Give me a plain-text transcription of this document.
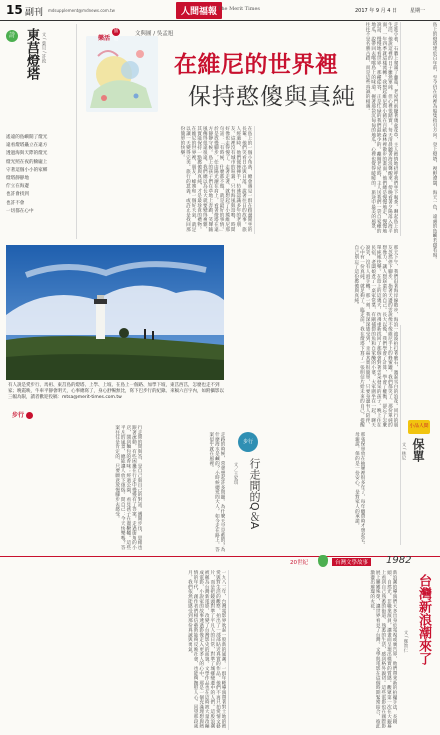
15 副刊 mdsupplement@mdnews.com.tw	人間福報 The Merit Times	2017 年 9 月 4 日	星期一
詩 東莒燈塔 文 / 葉貝 / 許政
遙遠的島嶼開了燈光
遠看燈塔矗立在遠方
透過海與天際的燈光
燈光照在夜的臉龐上
守著這個小小的家鄉
燈塔靜靜地
佇立在海邊
也許會找到
也許不會
一切都在心中
樂活 旅遊
文與圖 / 吳孟旭
在維尼的世界裡
保持憨傻與真純
在島上的一個小角落，總會遇見一群在路邊閒坐的長輩，他們笑看日出與日落，說著往日的故事。旅人經過時，他們便揮揮手，彷彿認識多年的老朋友。這裡沒有城市的喧囂，只有海風與鳥鳴，時間好像也走得慢了。走著走著，就想起了小熊維尼那句話：「有時候，什麼都不做，就是最好的事情。」於是放慢腳步，任由陽光灑在肩上，看著燈塔在遠方靜靜守候。島上的孩子們在草地上奔跑，笑聲隨風傳得很遠很遠。我們總以為長大就要變得複雜，其實能保持一點憨傻與真純，才是最珍貴的禮物。在維尼的世界裡，朋友、蜂蜜和一個好天氣，就足以讓一天變得完美。旅行的意義，或許正是找回那份簡單的快樂。	走進小巷，石牆上爬滿了藤蔓，老屋門前擺著幾盆花草，主人熱情地招呼我們坐下喝茶。聊起島上的生活，他說這裡的日子雖然單純，但心裡很踏實。每天清晨聽著海浪聲醒來，傍晚看著夕陽落入海平面，一年四季就這樣流轉。我想起維尼與小豬在百畝森林裡散步的畫面，他們總是慢慢地走，慢慢地說話，慢慢地看世界。那種從容，正是忙碌的我們最缺少的。離開老屋時，主人送我們一袋自家種的地瓜，說帶回去嚐嚐島上的味道。握著那袋沉甸甸的地瓜，心裡也覺得暖暖的。旅途中最美的風景，往往不是名勝古蹟，而是這些真誠的相遇。	島上的燈塔建於百年前，至今仍在夜裡為船隻指引方向。登上燈塔，視野遼闊，海天一色，遠處的島嶼若隱若現。
有人說是愛步行、馬祖、東莒島的燈塔、上學、上坡、在島上一個路、加學下坡，東莒西莒，怎麼也走不到家；晚霞映，牛車平靜會明天，心事總寫了，身心舒暢無比，寫下巴步行的紀錄。來稿六百字內，如附攝影以三幅為限，讀者歡迎投稿：mtsa@merit-times.com.tw
步行	那天下午，我們沿著海岸線散步，海浪一波波拍打著礁石，激起雪白的浪花。同行的朋友忽然停下腳步，指著天邊的雲說像不像維尼手上的蜂蜜罐。我們都笑了，那份單純的想像力，讓人想起童年的自己。長大以後，我們學會了計算，學會了權衡，卻忘了怎麼單純地快樂。在島上的這幾天，彷彿重新找回了那個會對著雲朵發呆的孩子。晚上住在民宿，老闆娘煮了一桌家常菜，有剛捕撈的魚和自家醃的小菜。大家圍坐在一起，聊天說笑，沒有人滑手機。那一刻，我深深感受到，幸福其實很簡單，只要身邊有人陪伴，心中有一份真純，就足夠了。臨走前，我在燈塔下寫了一張明信片給未來的自己，提醒自己別忘了這份憨傻與真純。
步行
行走間的Q＆A
文／王家琪
走路的時候，常會想起許多問題。為什麼天空是藍的？為什麼海水是鹹的？小時候總愛問大人，如今走在路上，答案似乎就在風裡。
行走間的問與答，是自己與自己的對話。邁開步伐，思緒也跟著流動，有些困擾在行走中慢慢有了答案。走過街角的小店，聞到麵包的香味；經過公園，看見孩子在盪鞦韆。這些平凡的風景，總能讓人放下煩惱。問自己：今天快樂嗎？答案往往是肯定的，只要願意放慢腳步去感受。	小品人間
保單
文 / 林尼
那張保單放在抽屜裡很多年了，每年繳費時才想起它。母親說，保的是一份安心，是對家人的承諾。
20世紀	台灣文學故事	1982
一九八二年，台灣電影界吹起一股新的風潮。一群年輕導演帶著對土地的熱愛與對生活的觀察，拍出了一部部貼近真實的作品。他們不再只拍愛情文藝片，而是把鏡頭對準了平凡人的日常，對準了城鄉變遷中的人們。這股浪潮被稱為台灣新電影，改變了台灣影史的面貌。文學作品也在這時被大量改編成電影，小說家的故事透過影像走入更多人的心中。那是一個充滿理想與熱情的年代，創作者們相信藝術能夠反映社會，也能夠撫慰人心。回望那段歲月，我們依然能感受到那份真誠與勇氣。	新浪潮的導演們大多出身於電視或廣告界，他們帶來新的拍攝手法，長鏡頭、自然光、非職業演員，讓畫面呈現出樸實的質感。觀眾第一次在大銀幕上看到自己熟悉的街道、熟悉的生活，感到格外親切。這些電影也在國際影展上屢獲殊榮，讓世界看見了台灣。文學與電影在這個時期緊密結合，彼此激盪出璀璨的火花。	台灣新浪潮來了
文 / 鄭智仁
